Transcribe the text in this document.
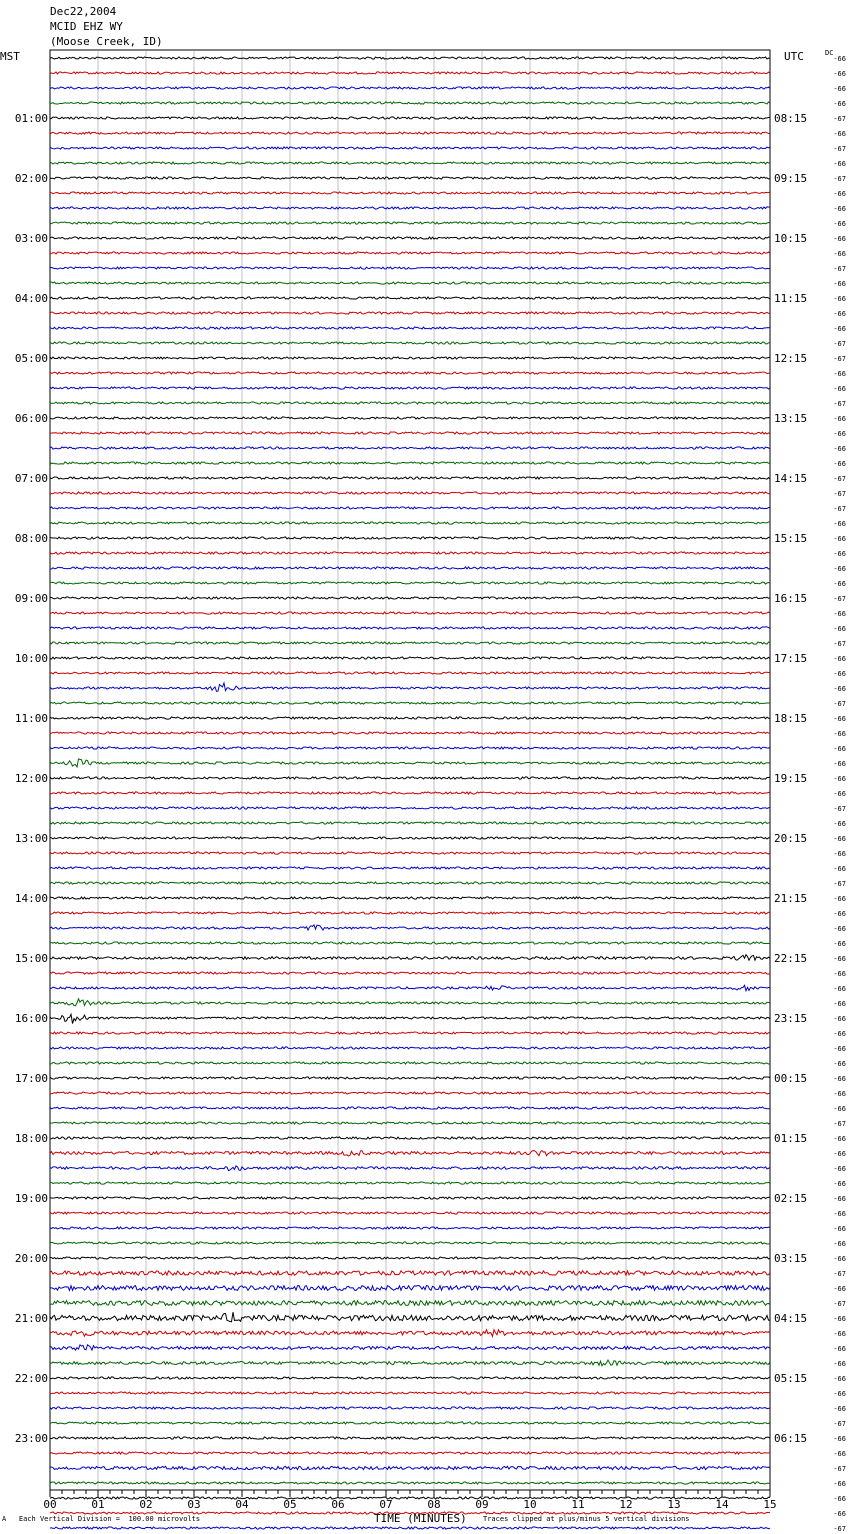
Dec22,2004
MCID EHZ WY
(Moose Creek, ID)
MST	UTC	DC
00	01	02	03	04	05	06	07	08	09	10	11	12	13	14	15
01:00
02:00
03:00
04:00
05:00
06:00
07:00
08:00
09:00
10:00
11:00
12:00
13:00
14:00
15:00
16:00
17:00
18:00
19:00
20:00
21:00
22:00
23:00
08:15
09:15
10:15
11:15
12:15
13:15
14:15
15:15
16:15
17:15
18:15
19:15
20:15
21:15
22:15
23:15
00:15
01:15
02:15
03:15
04:15
05:15
06:15
-66
-66
-66
-66
-67
-66
-67
-66
-67
-66
-66
-66
-66
-66
-67
-66
-66
-66
-66
-67
-67
-66
-66
-67
-66
-66
-66
-66
-67
-67
-67
-66
-66
-66
-66
-66
-67
-66
-66
-67
-66
-66
-66
-67
-66
-66
-66
-66
-66
-66
-67
-66
-66
-66
-66
-67
-66
-66
-66
-66
-66
-66
-66
-66
-66
-66
-66
-66
-66
-66
-66
-67
-66
-66
-66
-66
-66
-66
-66
-66
-66
-67
-66
-67
-66
-66
-66
-66
-66
-66
-66
-67
-66
-66
-67
-66
-66
-66
-67
A Each Vertical Division =  100.00 microvolts	TIME (MINUTES) Traces clipped at plus/minus 5 vertical divisions
